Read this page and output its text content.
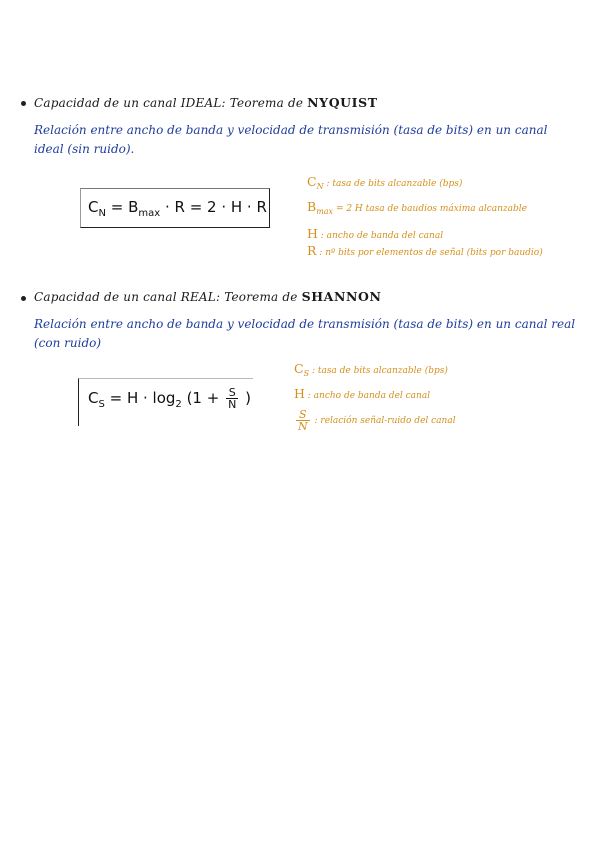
Capacidad de un canal IDEAL: Teorema de NYQUIST
Relación entre ancho de banda y velocidad de transmisión (tasa de bits) en un canal ideal (sin ruido).
$C_N = B_{max} \cdot R = 2 \cdot H \cdot R$
$C_N$ : tasa de bits alcanzable (bps)
$B_{max} = 2$ H tasa de baudios máxima alcanzable
H : ancho de banda del canal
R : nº bits por elementos de señal (bits por baudio)
Capacidad de un canal REAL: Teorema de SHANNON
Relación entre ancho de banda y velocidad de transmisión (tasa de bits) en un canal real (con ruido)
$C_S = H \cdot \log_2 (1 + \frac{S}{N}$ )
$C_S$ : tasa de bits alcanzable (bps)
H : ancho de banda del canal
$\frac{S}{N}$ : relación señal-ruido del canal
